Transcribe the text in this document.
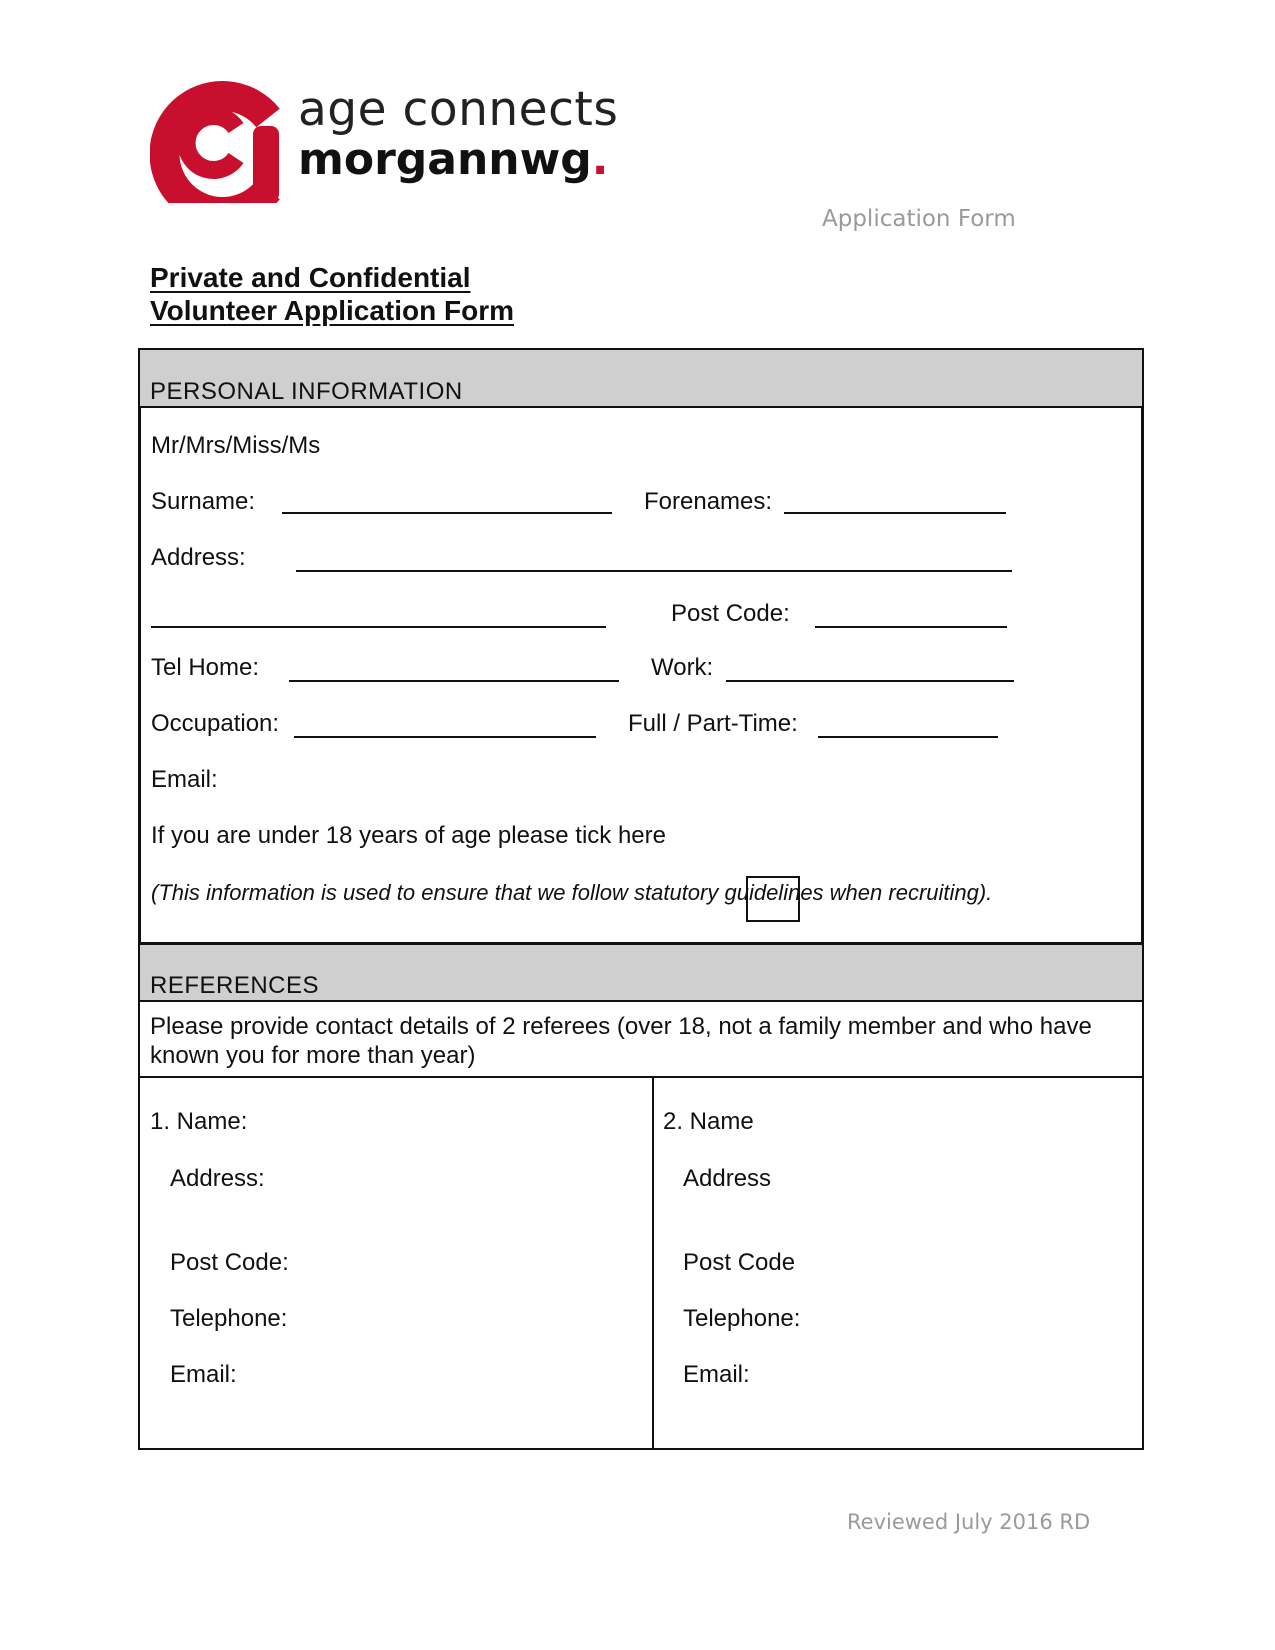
age connects
morgannwg.
Application Form
Private and Confidential
Volunteer Application Form
PERSONAL INFORMATION
Mr/Mrs/Miss/Ms
Surname:	Forenames:
Address:
Post Code:
Tel Home:	Work:
Occupation:	Full / Part-Time:
Email:
If you are under 18 years of age please tick here
(This information is used to ensure that we follow statutory guidelines when recruiting).
REFERENCES
Please provide contact details of 2 referees (over 18, not a family member and who have known you for more than year)
1. Name:
Address:
Post Code:
Telephone:
Email:
2. Name
Address
Post Code
Telephone:
Email:
Reviewed July 2016 RD
